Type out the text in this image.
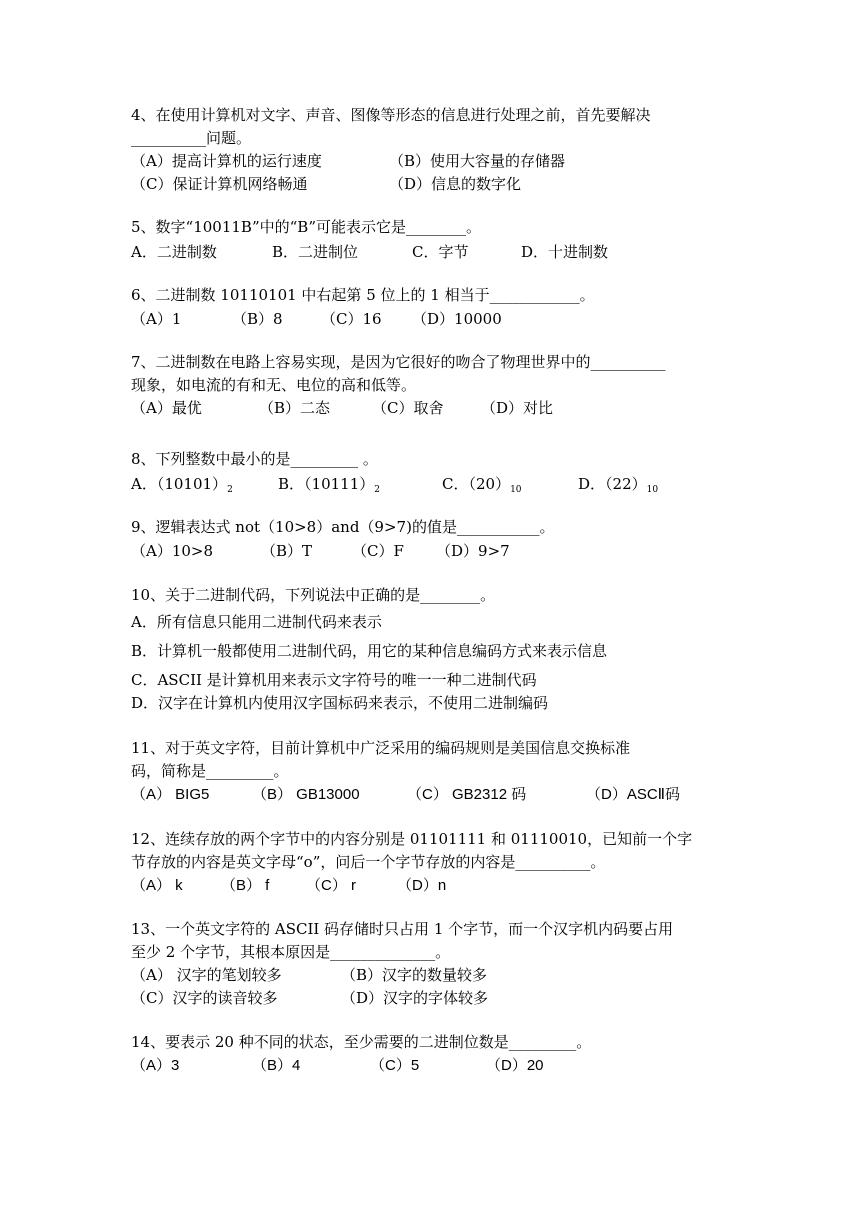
4、在使用计算机对文字、声音、图像等形态的信息进行处理之前，首先要解决
__________问题。
（A）提高计算机的运行速度	（B）使用大容量的存储器
（C）保证计算机网络畅通	（D）信息的数字化
5、数字“10011B”中的“B”可能表示它是________。
A．二进制数	B．二进制位	C．字节	D．十进制数
6、二进制数 10110101 中右起第 5 位上的 1 相当于____________。
（A）1	（B）8	（C）16 （D）10000
7、二进制数在电路上容易实现，是因为它很好的吻合了物理世界中的__________
现象，如电流的有和无、电位的高和低等。
（A）最优	（B）二态	（C）取舍	（D）对比
8、下列整数中最小的是_________ 。
A．$(10101)_2$	B．$(10111)_2$	C．$(20)_{10}$	D．$(22)_{10}$
9、逻辑表达式 not（10>8）and（9>7)的值是___________。
（A）10>8	（B）T	（C）F （D）9>7
10、关于二进制代码，下列说法中正确的是________。
A．所有信息只能用二进制代码来表示
B．计算机一般都使用二进制代码，用它的某种信息编码方式来表示信息
C．ASCII 是计算机用来表示文字符号的唯一一种二进制代码
D．汉字在计算机内使用汉字国标码来表示，不使用二进制编码
11、对于英文字符，目前计算机中广泛采用的编码规则是美国信息交换标准
码，简称是_________。
（A） BIG5	（B） GB13000	（C） GB2312 码	（D）ASCⅡ码
12、连续存放的两个字节中的内容分别是 01101111 和 01110010，已知前一个字
节存放的内容是英文字母“o”，问后一个字节存放的内容是__________。
（A） k	（B） f （C） r	（D）n
13、一个英文字符的 ASCII 码存储时只占用 1 个字节，而一个汉字机内码要占用
至少 2 个字节，其根本原因是______________。
（A） 汉字的笔划较多	（B）汉字的数量较多
（C）汉字的读音较多	（D）汉字的字体较多
14、要表示 20 种不同的状态，至少需要的二进制位数是_________。
（A）3	（B）4	（C）5	（D）20
